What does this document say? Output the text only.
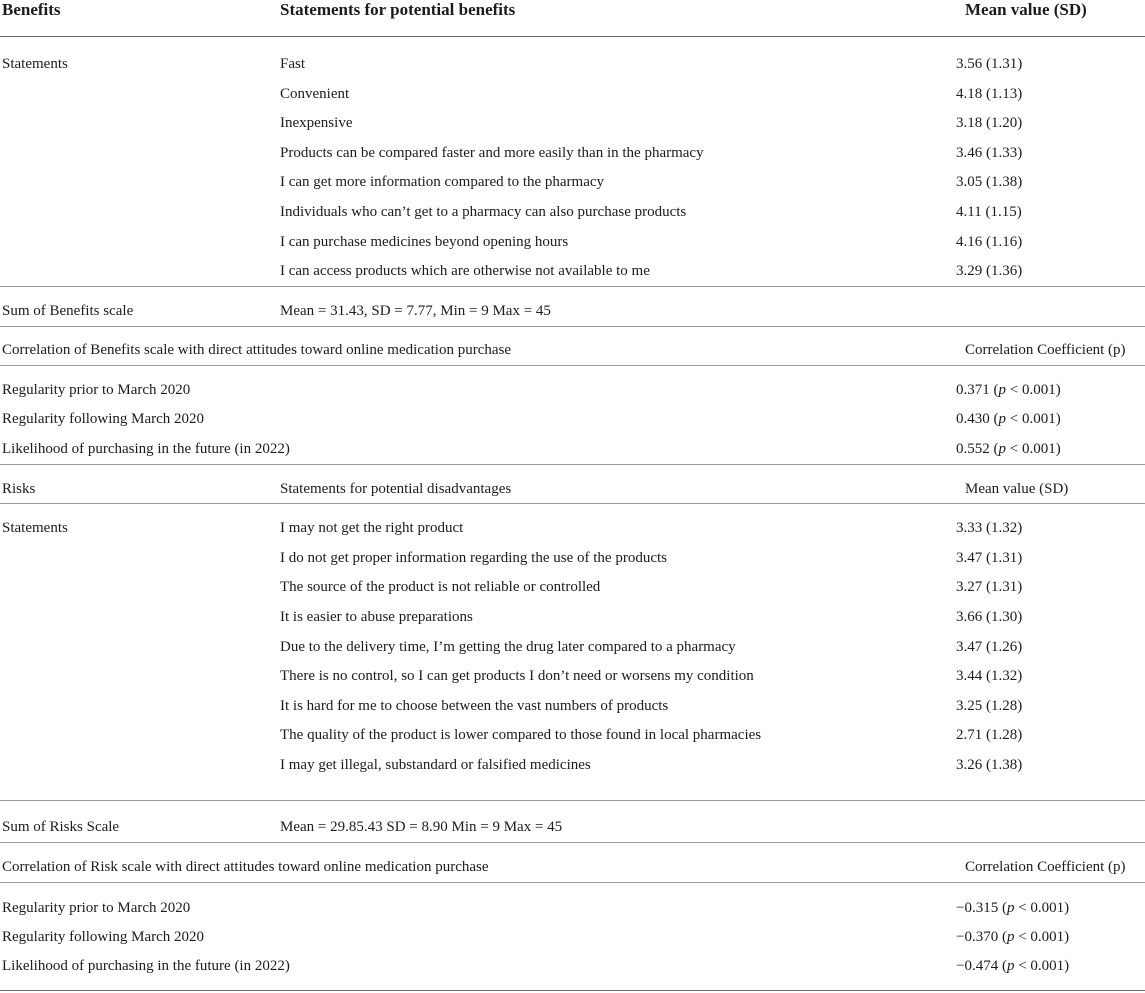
Benefits	Statements for potential benefits	Mean value (SD)
Statements	Fast	3.56 (1.31)
Convenient	4.18 (1.13)
Inexpensive	3.18 (1.20)
Products can be compared faster and more easily than in the pharmacy	3.46 (1.33)
I can get more information compared to the pharmacy	3.05 (1.38)
Individuals who can’t get to a pharmacy can also purchase products	4.11 (1.15)
I can purchase medicines beyond opening hours	4.16 (1.16)
I can access products which are otherwise not available to me	3.29 (1.36)
Sum of Benefits scale	Mean = 31.43, SD = 7.77, Min = 9 Max = 45
Correlation of Benefits scale with direct attitudes toward online medication purchase	Correlation Coefficient (p)
Regularity prior to March 2020	0.371 (p < 0.001)
Regularity following March 2020	0.430 (p < 0.001)
Likelihood of purchasing in the future (in 2022)	0.552 (p < 0.001)
Risks	Statements for potential disadvantages	Mean value (SD)
Statements	I may not get the right product	3.33 (1.32)
I do not get proper information regarding the use of the products	3.47 (1.31)
The source of the product is not reliable or controlled	3.27 (1.31)
It is easier to abuse preparations	3.66 (1.30)
Due to the delivery time, I’m getting the drug later compared to a pharmacy	3.47 (1.26)
There is no control, so I can get products I don’t need or worsens my condition	3.44 (1.32)
It is hard for me to choose between the vast numbers of products	3.25 (1.28)
The quality of the product is lower compared to those found in local pharmacies	2.71 (1.28)
I may get illegal, substandard or falsified medicines	3.26 (1.38)
Sum of Risks Scale	Mean = 29.85.43 SD = 8.90 Min = 9 Max = 45
Correlation of Risk scale with direct attitudes toward online medication purchase	Correlation Coefficient (p)
Regularity prior to March 2020	−0.315 (p < 0.001)
Regularity following March 2020	−0.370 (p < 0.001)
Likelihood of purchasing in the future (in 2022)	−0.474 (p < 0.001)
